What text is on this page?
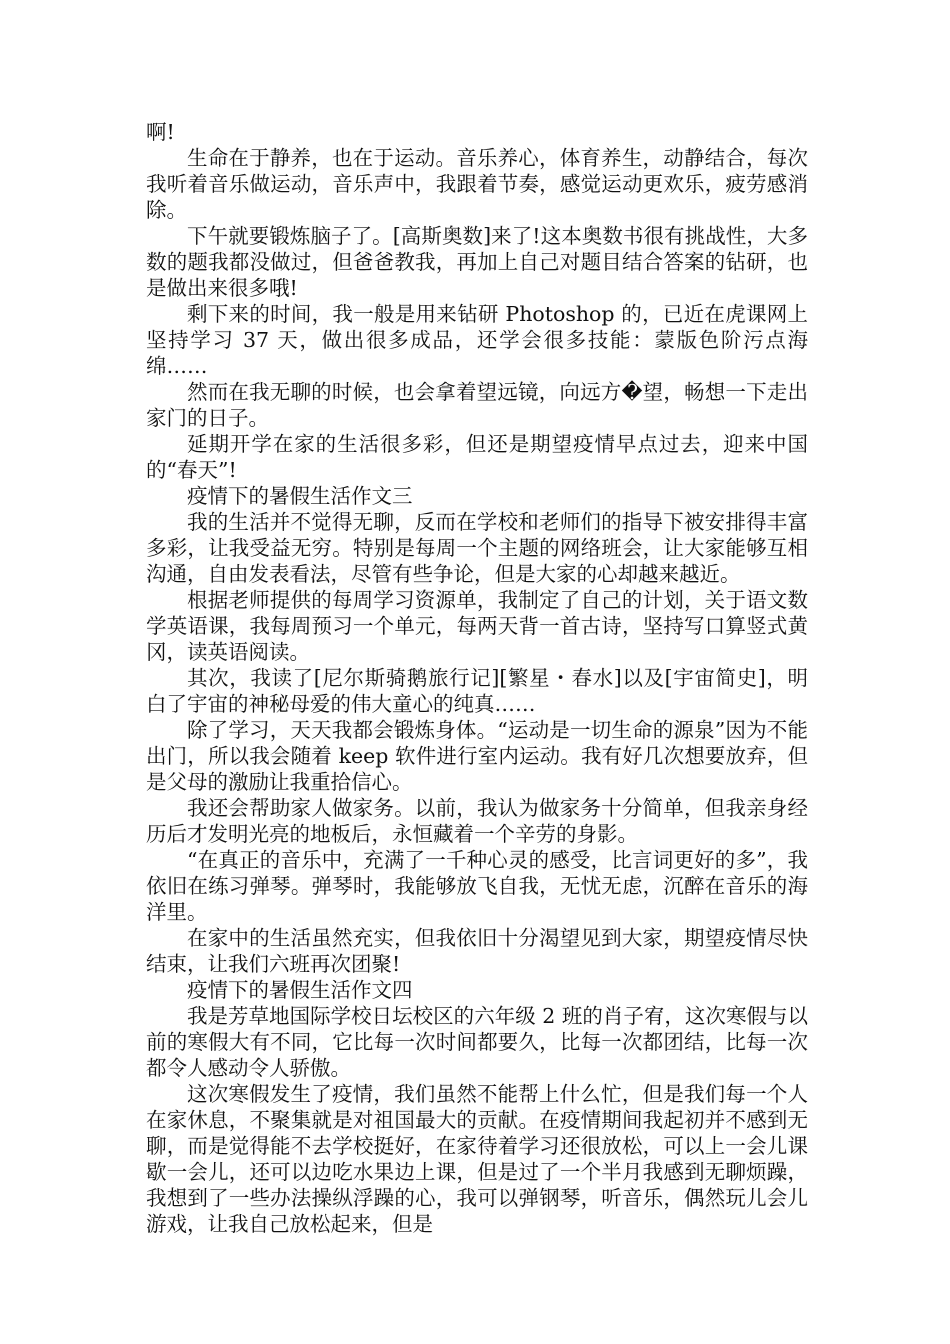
啊!

生命在于静养，也在于运动。音乐养心，体育养生，动静结合，每次我听着音乐做运动，音乐声中，我跟着节奏，感觉运动更欢乐，疲劳感消除。

下午就要锻炼脑子了。[高斯奥数]来了!这本奥数书很有挑战性，大多数的题我都没做过，但爸爸教我，再加上自己对题目结合答案的钻研，也是做出来很多哦!

剩下来的时间，我一般是用来钻研 Photoshop 的，已近在虎课网上坚持学习 37 天，做出很多成品，还学会很多技能：蒙版色阶污点海绵……

然而在我无聊的时候，也会拿着望远镜，向远方�望，畅想一下走出家门的日子。

延期开学在家的生活很多彩，但还是期望疫情早点过去，迎来中国的“春天”!

疫情下的暑假生活作文三

我的生活并不觉得无聊，反而在学校和老师们的指导下被安排得丰富多彩，让我受益无穷。特别是每周一个主题的网络班会，让大家能够互相沟通，自由发表看法，尽管有些争论，但是大家的心却越来越近。

根据老师提供的每周学习资源单，我制定了自己的计划，关于语文数学英语课，我每周预习一个单元，每两天背一首古诗，坚持写口算竖式黄冈，读英语阅读。

其次，我读了[尼尔斯骑鹅旅行记][繁星・春水]以及[宇宙简史]，明白了宇宙的神秘母爱的伟大童心的纯真……

除了学习，天天我都会锻炼身体。“运动是一切生命的源泉”因为不能出门，所以我会随着 keep 软件进行室内运动。我有好几次想要放弃，但是父母的激励让我重拾信心。

我还会帮助家人做家务。以前，我认为做家务十分简单，但我亲身经历后才发明光亮的地板后，永恒藏着一个辛劳的身影。

“在真正的音乐中，充满了一千种心灵的感受，比言词更好的多”，我依旧在练习弹琴。弹琴时，我能够放飞自我，无忧无虑，沉醉在音乐的海洋里。

在家中的生活虽然充实，但我依旧十分渴望见到大家，期望疫情尽快结束，让我们六班再次团聚!

疫情下的暑假生活作文四

我是芳草地国际学校日坛校区的六年级 2 班的肖子宥，这次寒假与以前的寒假大有不同，它比每一次时间都要久，比每一次都团结，比每一次都令人感动令人骄傲。

这次寒假发生了疫情，我们虽然不能帮上什么忙，但是我们每一个人在家休息，不聚集就是对祖国最大的贡献。在疫情期间我起初并不感到无聊，而是觉得能不去学校挺好，在家待着学习还很放松，可以上一会儿课歇一会儿，还可以边吃水果边上课，但是过了一个半月我感到无聊烦躁，我想到了一些办法操纵浮躁的心，我可以弹钢琴，听音乐，偶然玩儿会儿游戏，让我自己放松起来，但是
